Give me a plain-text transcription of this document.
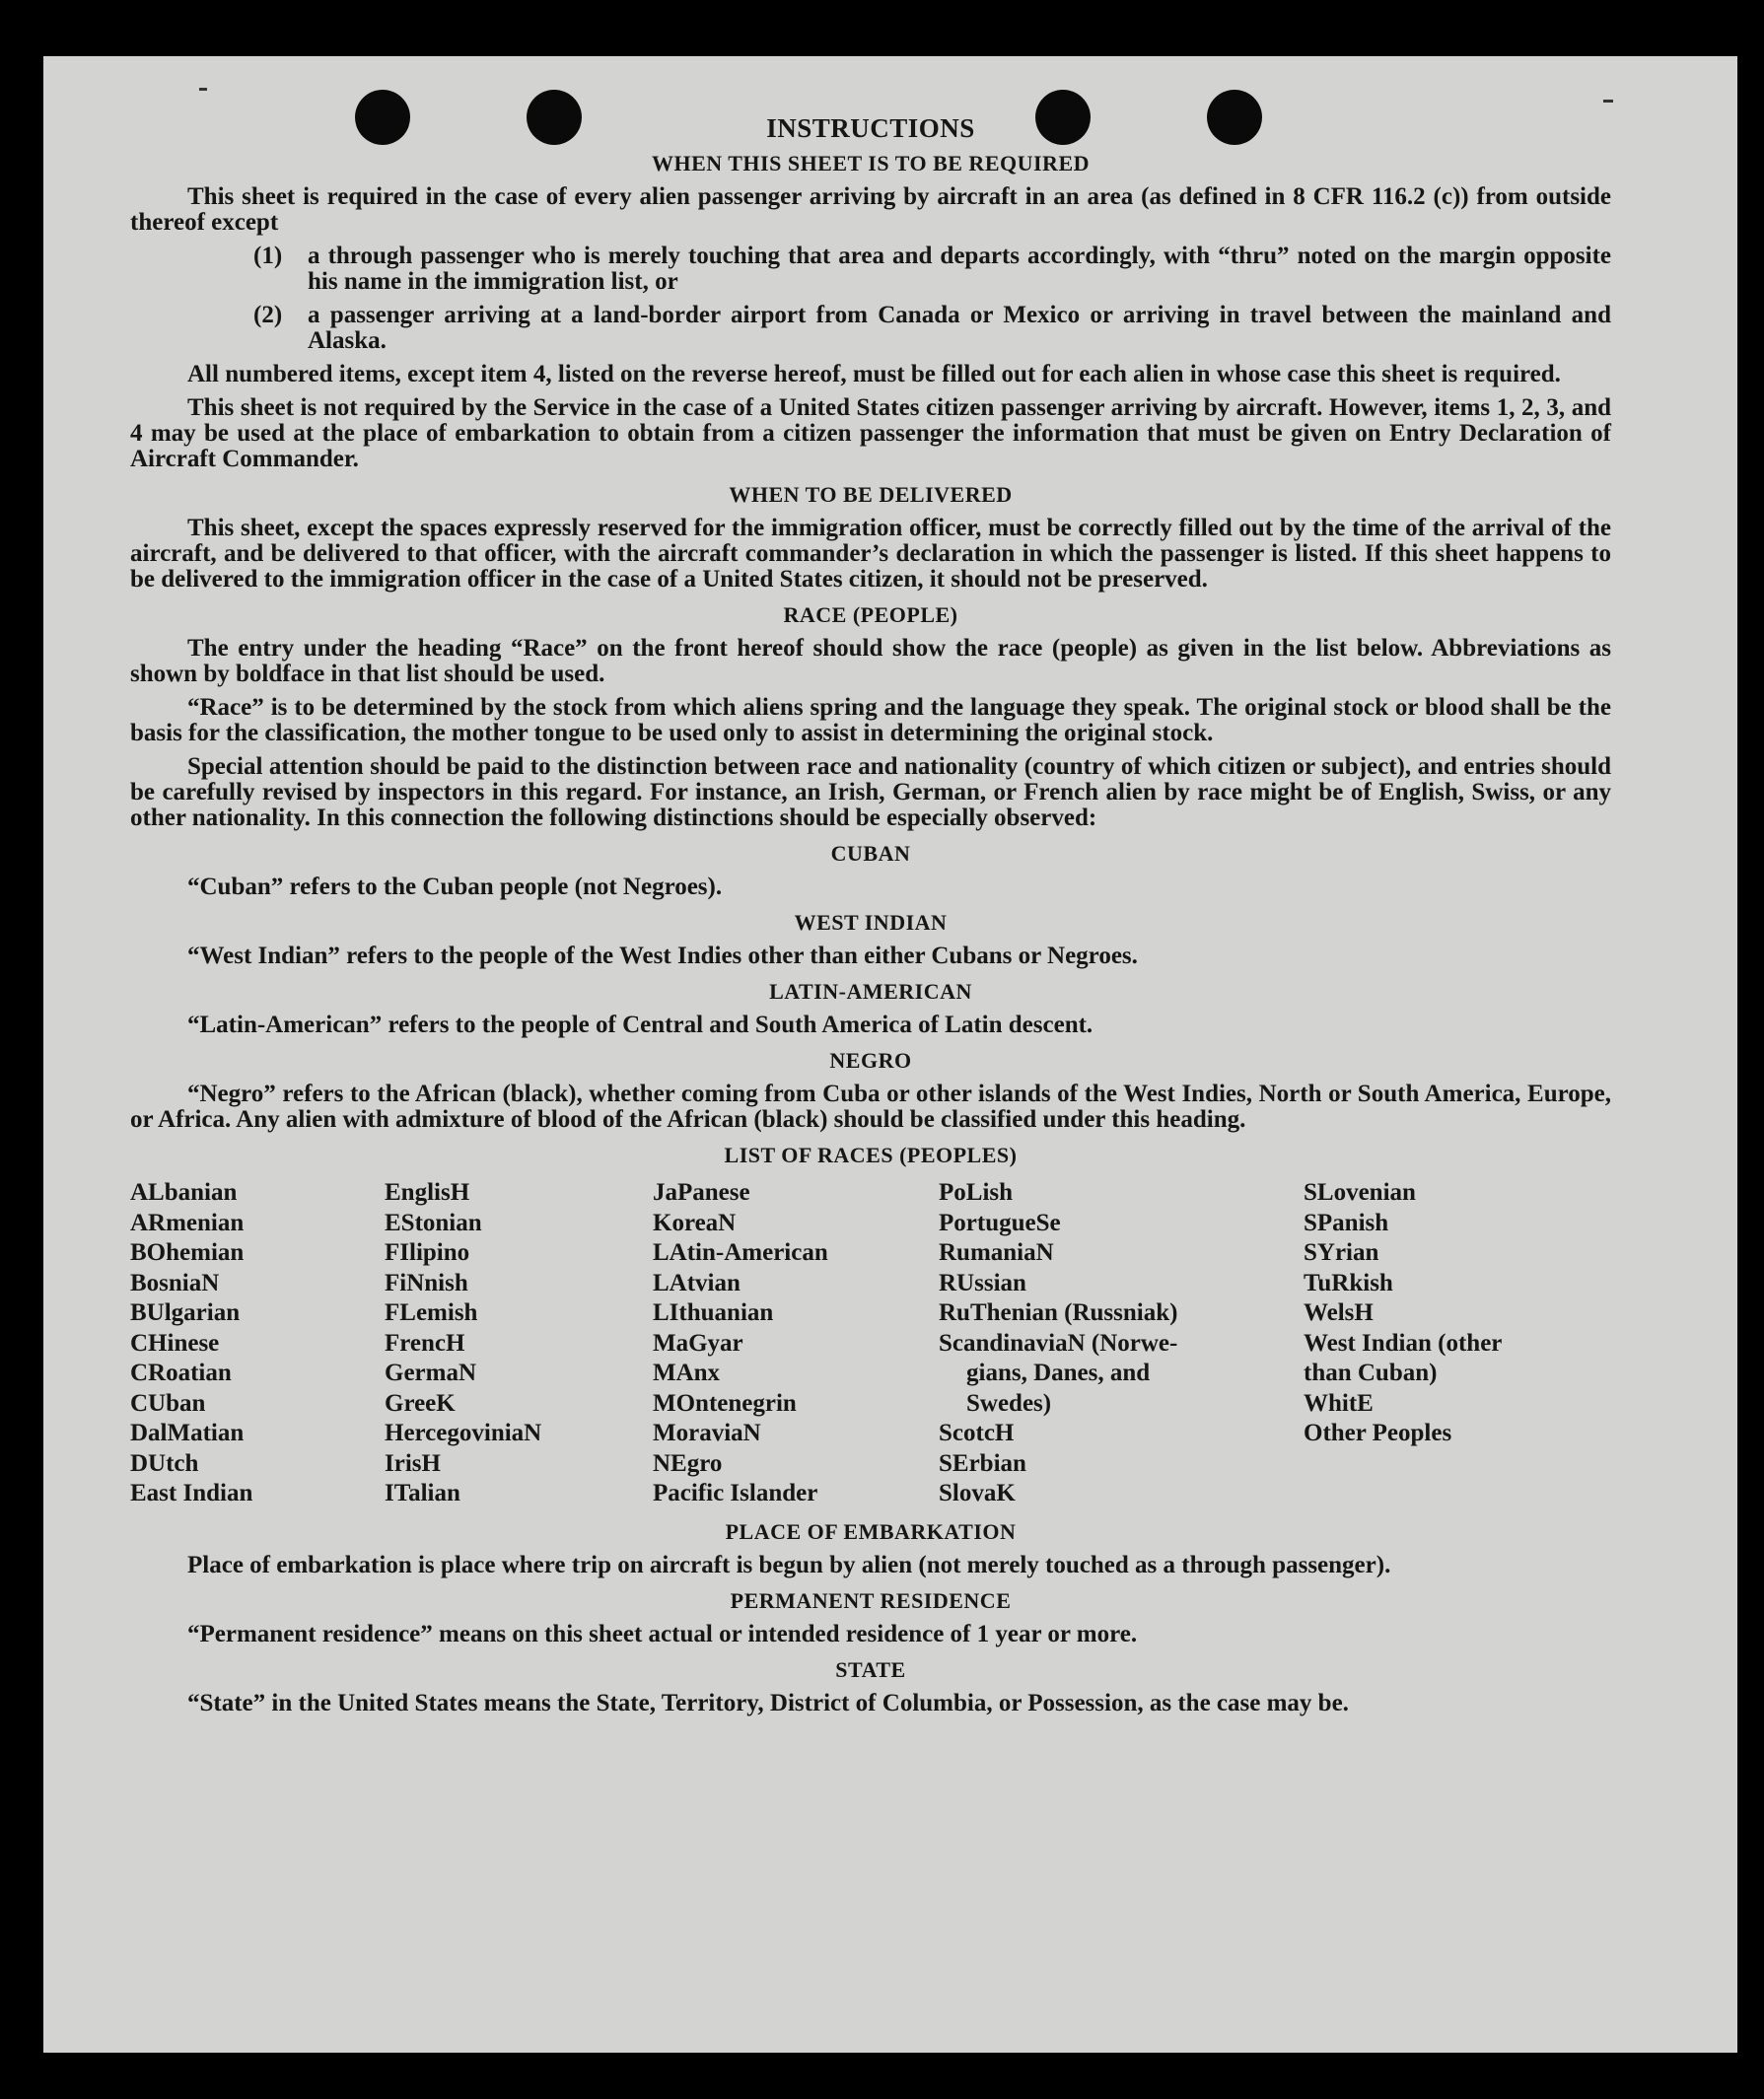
INSTRUCTIONS
WHEN THIS SHEET IS TO BE REQUIRED

This sheet is required in the case of every alien passenger arriving by aircraft in an area (as defined in 8 CFR 116.2 (c)) from outside thereof except

(1)	a through passenger who is merely touching that area and departs accordingly, with “thru” noted on the margin opposite his name in the immigration list, or
(2)	a passenger arriving at a land-border airport from Canada or Mexico or arriving in travel between the mainland and Alaska.

All numbered items, except item 4, listed on the reverse hereof, must be filled out for each alien in whose case this sheet is required.

This sheet is not required by the Service in the case of a United States citizen passenger arriving by aircraft. However, items 1, 2, 3, and 4 may be used at the place of embarkation to obtain from a citizen passenger the information that must be given on Entry Declaration of Aircraft Commander.

WHEN TO BE DELIVERED

This sheet, except the spaces expressly reserved for the immigration officer, must be correctly filled out by the time of the arrival of the aircraft, and be delivered to that officer, with the aircraft commander’s declaration in which the passenger is listed. If this sheet happens to be delivered to the immigration officer in the case of a United States citizen, it should not be preserved.

RACE (PEOPLE)

The entry under the heading “Race” on the front hereof should show the race (people) as given in the list below. Abbreviations as shown by boldface in that list should be used.

“Race” is to be determined by the stock from which aliens spring and the language they speak. The original stock or blood shall be the basis for the classification, the mother tongue to be used only to assist in determining the original stock.

Special attention should be paid to the distinction between race and nationality (country of which citizen or subject), and entries should be carefully revised by inspectors in this regard. For instance, an Irish, German, or French alien by race might be of English, Swiss, or any other nationality. In this connection the following distinctions should be especially observed:

CUBAN
“Cuban” refers to the Cuban people (not Negroes).
WEST INDIAN
“West Indian” refers to the people of the West Indies other than either Cubans or Negroes.
LATIN-AMERICAN
“Latin-American” refers to the people of Central and South America of Latin descent.
NEGRO

“Negro” refers to the African (black), whether coming from Cuba or other islands of the West Indies, North or South America, Europe, or Africa. Any alien with admixture of blood of the African (black) should be classified under this heading.

LIST OF RACES (PEOPLES)
ALbanian
ARmenian
BOhemian
BosniaN
BUlgarian
CHinese
CRoatian
CUban
DalMatian
DUtch
East Indian
EnglisH
EStonian
FIlipino
FiNnish
FLemish
FrencH
GermaN
GreeK
HercegoviniaN
IrisH
ITalian
JaPanese
KoreaN
LAtin-American
LAtvian
LIthuanian
MaGyar
MAnx
MOntenegrin
MoraviaN
NEgro
Pacific Islander
PoLish
PortugueSe
RumaniaN
RUssian
RuThenian (Russniak)
ScandinaviaN (Norwe-
gians, Danes, and
Swedes)
ScotcH
SErbian
SlovaK
SLovenian
SPanish
SYrian
TuRkish
WelsH
West Indian (other
than Cuban)
WhitE
Other Peoples
PLACE OF EMBARKATION

Place of embarkation is place where trip on aircraft is begun by alien (not merely touched as a through passenger).

PERMANENT RESIDENCE
“Permanent residence” means on this sheet actual or intended residence of 1 year or more.
STATE

“State” in the United States means the State, Territory, District of Columbia, or Possession, as the case may be.
